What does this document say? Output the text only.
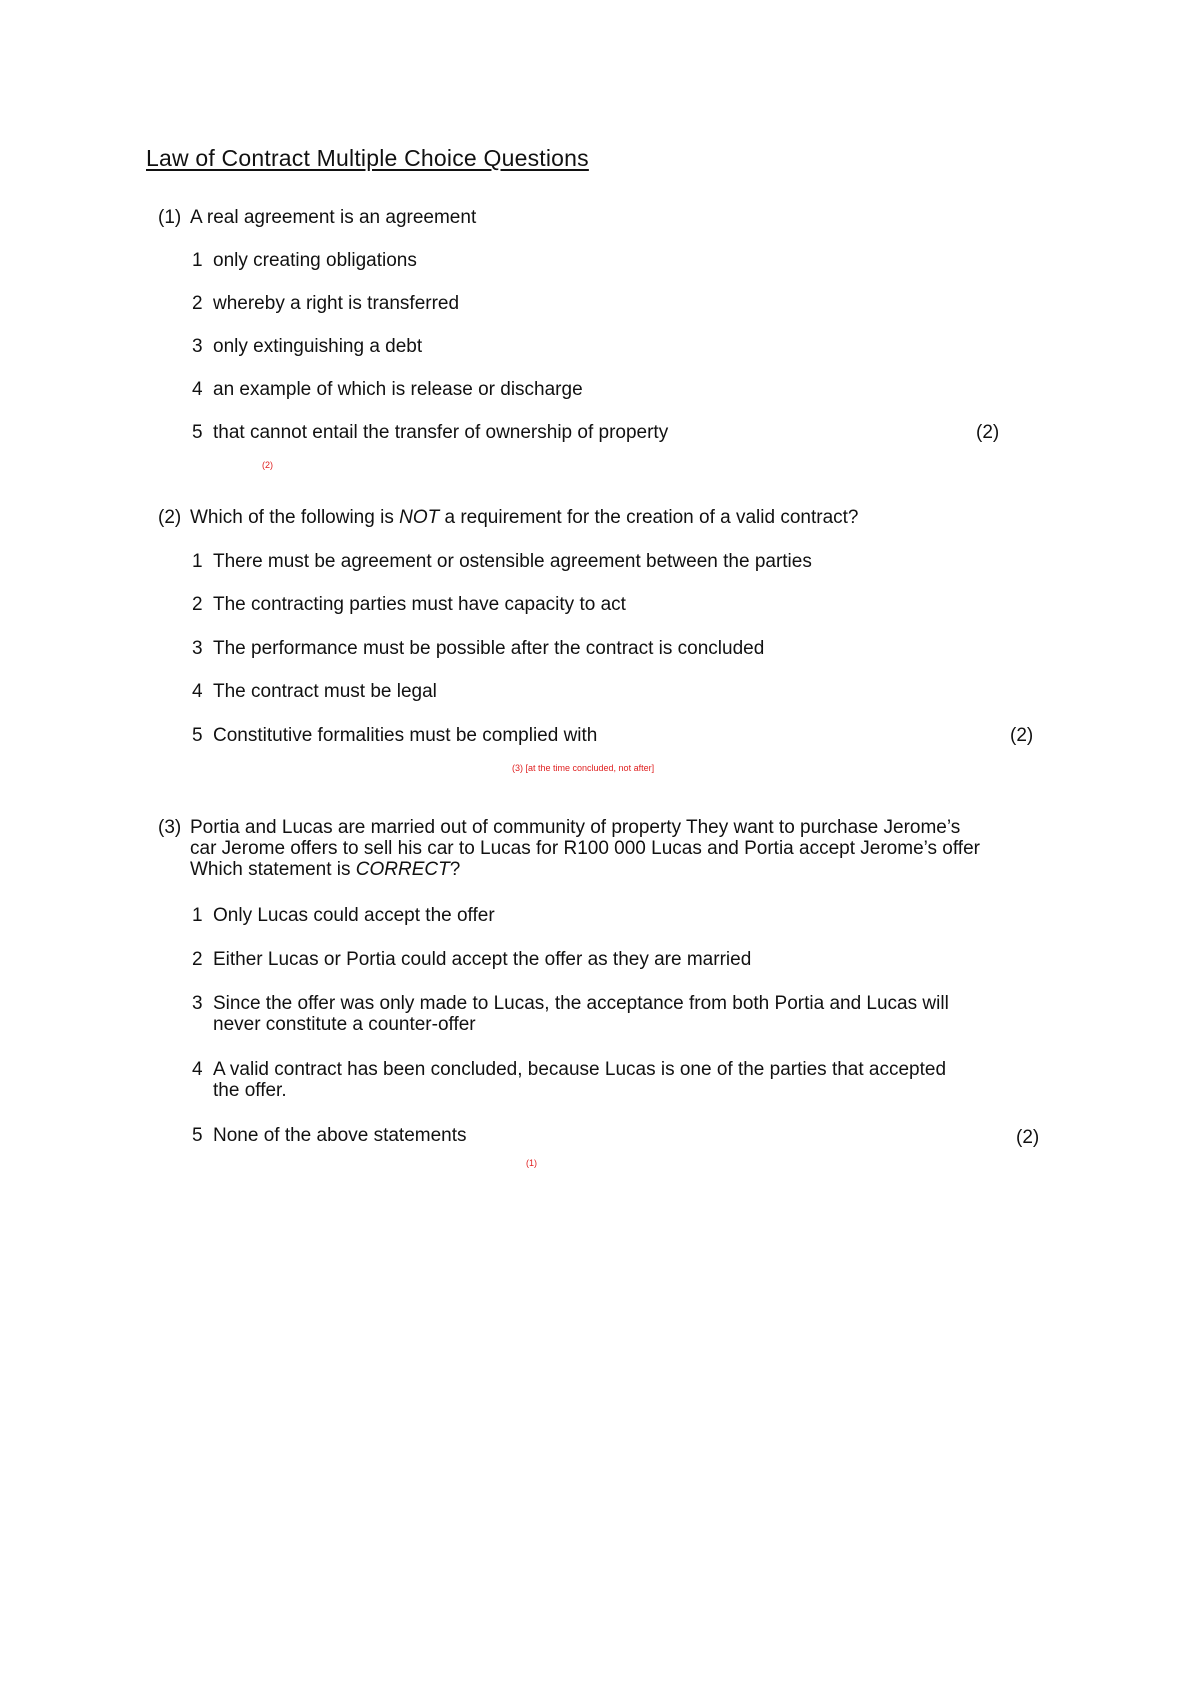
Law of Contract Multiple Choice Questions
(1) A real agreement is an agreement
1 only creating obligations
2 whereby a right is transferred
3 only extinguishing a debt
4 an example of which is release or discharge
5 that cannot entail the transfer of ownership of property	(2)
(2)
(2) Which of the following is NOT a requirement for the creation of a valid contract?
1 There must be agreement or ostensible agreement between the parties
2 The contracting parties must have capacity to act
3 The performance must be possible after the contract is concluded
4 The contract must be legal
5 Constitutive formalities must be complied with	(2)
(3) [at the time concluded, not after]
(3) Portia and Lucas are married out of community of property They want to purchase Jerome’s car Jerome offers to sell his car to Lucas for R100 000 Lucas and Portia accept Jerome’s offer Which statement is CORRECT?
1 Only Lucas could accept the offer
2 Either Lucas or Portia could accept the offer as they are married
3 Since the offer was only made to Lucas, the acceptance from both Portia and Lucas will never constitute a counter-offer
4 A valid contract has been concluded, because Lucas is one of the parties that accepted the offer.
5 None of the above statements	(2)
(1)
